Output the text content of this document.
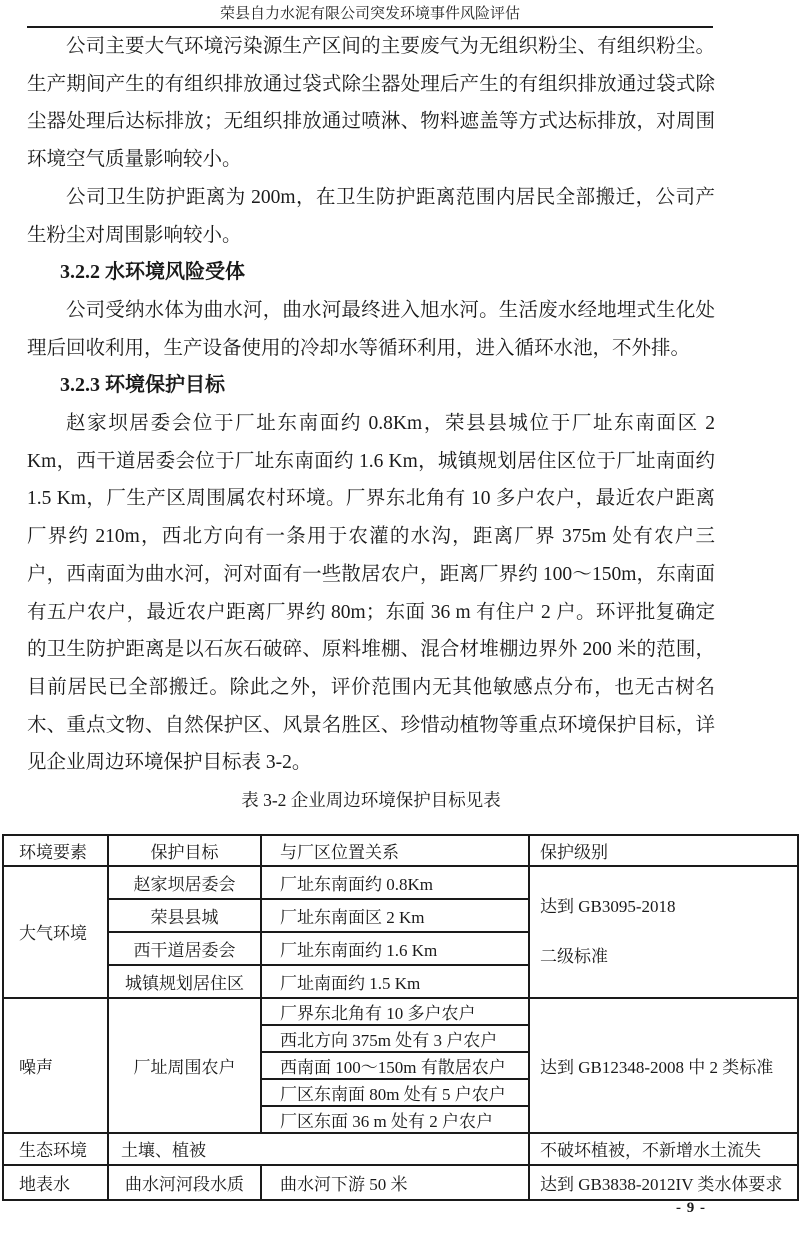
荣县自力水泥有限公司突发环境事件风险评估

公司主要大气环境污染源生产区间的主要废气为无组织粉尘、有组织粉尘。生产期间产生的有组织排放通过袋式除尘器处理后产生的有组织排放通过袋式除尘器处理后达标排放；无组织排放通过喷淋、物料遮盖等方式达标排放，对周围环境空气质量影响较小。

公司卫生防护距离为 200m，在卫生防护距离范围内居民全部搬迁，公司产生粉尘对周围影响较小。

3.2.2 水环境风险受体

公司受纳水体为曲水河，曲水河最终进入旭水河。生活废水经地埋式生化处理后回收利用，生产设备使用的冷却水等循环利用，进入循环水池，不外排。

3.2.3 环境保护目标

赵家坝居委会位于厂址东南面约 0.8Km，荣县县城位于厂址东南面区 2 Km，西干道居委会位于厂址东南面约 1.6 Km，城镇规划居住区位于厂址南面约 1.5 Km，厂生产区周围属农村环境。厂界东北角有 10 多户农户，最近农户距离厂界约 210m，西北方向有一条用于农灌的水沟，距离厂界 375m 处有农户三户，西南面为曲水河，河对面有一些散居农户，距离厂界约 100～150m，东南面有五户农户，最近农户距离厂界约 80m；东面 36 m 有住户 2 户。环评批复确定的卫生防护距离是以石灰石破碎、原料堆棚、混合材堆棚边界外 200 米的范围，目前居民已全部搬迁。除此之外，评价范围内无其他敏感点分布，也无古树名木、重点文物、自然保护区、风景名胜区、珍惜动植物等重点环境保护目标，详见企业周边环境保护目标表 3-2。

表 3-2 企业周边环境保护目标见表
环境要素	保护目标	与厂区位置关系	保护级别
大气环境	赵家坝居委会	厂址东南面约 0.8Km	达到 GB3095-2018
二级标准

	荣县县城	厂址东南面区 2 Km	
	西干道居委会	厂址东南面约 1.6 Km	
	城镇规划居住区	厂址南面约 1.5 Km	
噪声	厂址周围农户	厂界东北角有 10 多户农户	达到 GB12348-2008 中 2 类标准
		西北方向 375m 处有 3 户农户	
		西南面 100～150m 有散居农户	
		厂区东南面 80m 处有 5 户农户	
		厂区东面 36 m 处有 2 户农户	
生态环境	土壤、植被		不破坏植被，不新增水土流失
地表水	曲水河河段水质	曲水河下游 50 米	达到 GB3838-2012IV 类水体要求
- 9 -
